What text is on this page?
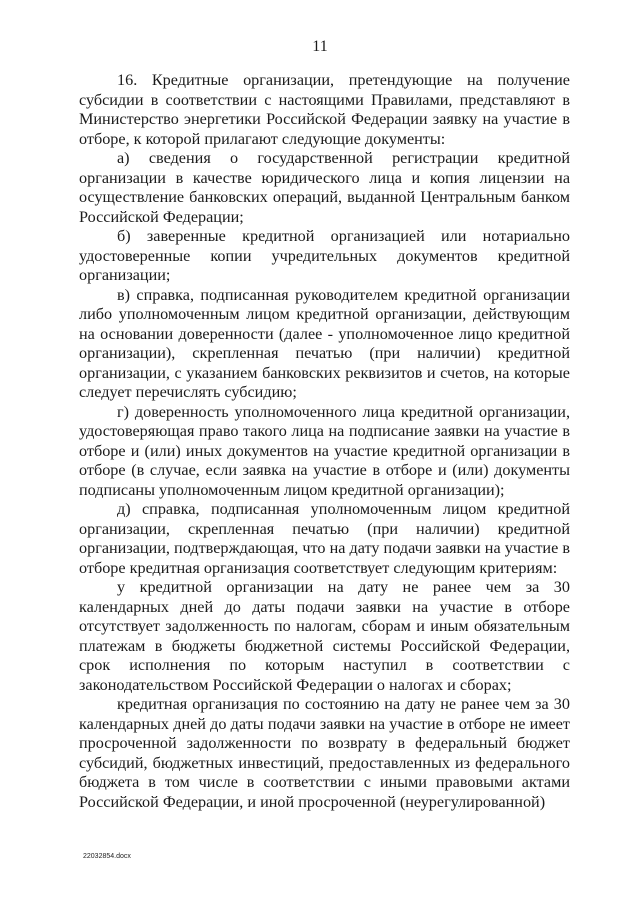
11

16. Кредитные организации, претендующие на получение субсидии в соответствии с настоящими Правилами, представляют в Министерство энергетики Российской Федерации заявку на участие в отборе, к которой прилагают следующие документы:

а) сведения о государственной регистрации кредитной организации в качестве юридического лица и копия лицензии на осуществление банковских операций, выданной Центральным банком Российской Федерации;

б) заверенные кредитной организацией или нотариально удостоверенные копии учредительных документов кредитной организации;

в) справка, подписанная руководителем кредитной организации либо уполномоченным лицом кредитной организации, действующим на основании доверенности (далее - уполномоченное лицо кредитной организации), скрепленная печатью (при наличии) кредитной организации, с указанием банковских реквизитов и счетов, на которые следует перечислять субсидию;

г) доверенность уполномоченного лица кредитной организации, удостоверяющая право такого лица на подписание заявки на участие в отборе и (или) иных документов на участие кредитной организации в отборе (в случае, если заявка на участие в отборе и (или) документы подписаны уполномоченным лицом кредитной организации);

д) справка, подписанная уполномоченным лицом кредитной организации, скрепленная печатью (при наличии) кредитной организации, подтверждающая, что на дату подачи заявки на участие в отборе кредитная организация соответствует следующим критериям:

у кредитной организации на дату не ранее чем за 30 календарных дней до даты подачи заявки на участие в отборе отсутствует задолженность по налогам, сборам и иным обязательным платежам в бюджеты бюджетной системы Российской Федерации, срок исполнения по которым наступил в соответствии с законодательством Российской Федерации о налогах и сборах;

кредитная организация по состоянию на дату не ранее чем за 30 календарных дней до даты подачи заявки на участие в отборе не имеет просроченной задолженности по возврату в федеральный бюджет субсидий, бюджетных инвестиций, предоставленных из федерального бюджета в том числе в соответствии с иными правовыми актами Российской Федерации, и иной просроченной (неурегулированной)

22032854.docx
